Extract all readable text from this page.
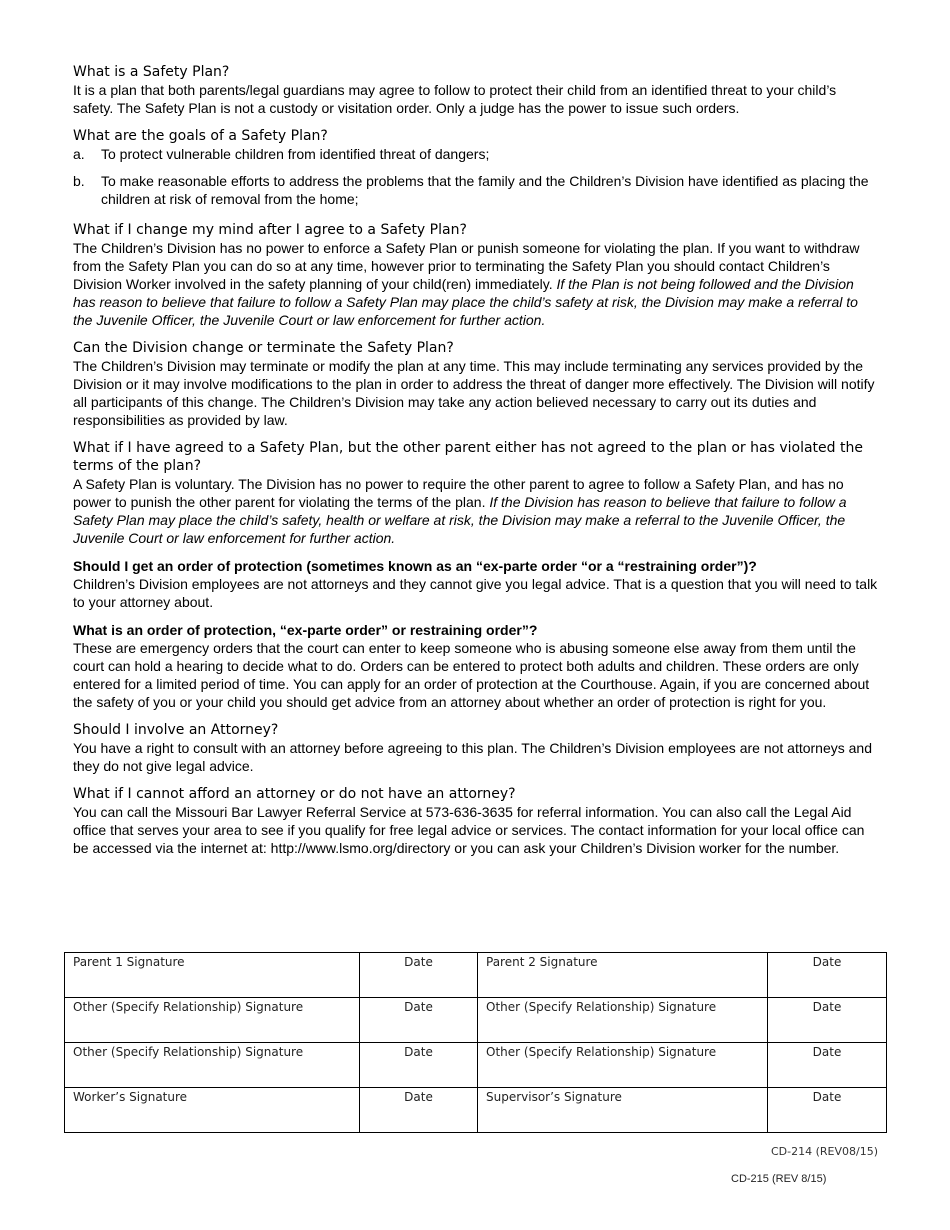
What is a Safety Plan?
It is a plan that both parents/legal guardians may agree to follow to protect their child from an identified threat to your child’s safety. The Safety Plan is not a custody or visitation order. Only a judge has the power to issue such orders.
What are the goals of a Safety Plan?
a. To protect vulnerable children from identified threat of dangers;
b. To make reasonable efforts to address the problems that the family and the Children’s Division have identified as placing the children at risk of removal from the home;
What if I change my mind after I agree to a Safety Plan?
The Children’s Division has no power to enforce a Safety Plan or punish someone for violating the plan. If you want to withdraw from the Safety Plan you can do so at any time, however prior to terminating the Safety Plan you should contact Children’s Division Worker involved in the safety planning of your child(ren) immediately. If the Plan is not being followed and the Division has reason to believe that failure to follow a Safety Plan may place the child’s safety at risk, the Division may make a referral to the Juvenile Officer, the Juvenile Court or law enforcement for further action.
Can the Division change or terminate the Safety Plan?
The Children’s Division may terminate or modify the plan at any time. This may include terminating any services provided by the Division or it may involve modifications to the plan in order to address the threat of danger more effectively. The Division will notify all participants of this change. The Children’s Division may take any action believed necessary to carry out its duties and responsibilities as provided by law.
What if I have agreed to a Safety Plan, but the other parent either has not agreed to the plan or has violated the terms of the plan?
A Safety Plan is voluntary. The Division has no power to require the other parent to agree to follow a Safety Plan, and has no power to punish the other parent for violating the terms of the plan. If the Division has reason to believe that failure to follow a Safety Plan may place the child’s safety, health or welfare at risk, the Division may make a referral to the Juvenile Officer, the Juvenile Court or law enforcement for further action.
Should I get an order of protection (sometimes known as an “ex-parte order “or a “restraining order”)?
Children’s Division employees are not attorneys and they cannot give you legal advice. That is a question that you will need to talk to your attorney about.
What is an order of protection, “ex-parte order” or restraining order”?
These are emergency orders that the court can enter to keep someone who is abusing someone else away from them until the court can hold a hearing to decide what to do. Orders can be entered to protect both adults and children. These orders are only entered for a limited period of time. You can apply for an order of protection at the Courthouse. Again, if you are concerned about the safety of you or your child you should get advice from an attorney about whether an order of protection is right for you.
Should I involve an Attorney?
You have a right to consult with an attorney before agreeing to this plan. The Children’s Division employees are not attorneys and they do not give legal advice.
What if I cannot afford an attorney or do not have an attorney?
You can call the Missouri Bar Lawyer Referral Service at 573-636-3635 for referral information. You can also call the Legal Aid office that serves your area to see if you qualify for free legal advice or services. The contact information for your local office can be accessed via the internet at: http://www.lsmo.org/directory or you can ask your Children’s Division worker for the number.
Parent 1 Signature	Date	Parent 2 Signature	Date
Other (Specify Relationship) Signature	Date	Other (Specify Relationship) Signature	Date
Other (Specify Relationship) Signature	Date	Other (Specify Relationship) Signature	Date
Worker’s Signature	Date	Supervisor’s Signature	Date
CD-214 (REV08/15)
CD-215 (REV 8/15)
